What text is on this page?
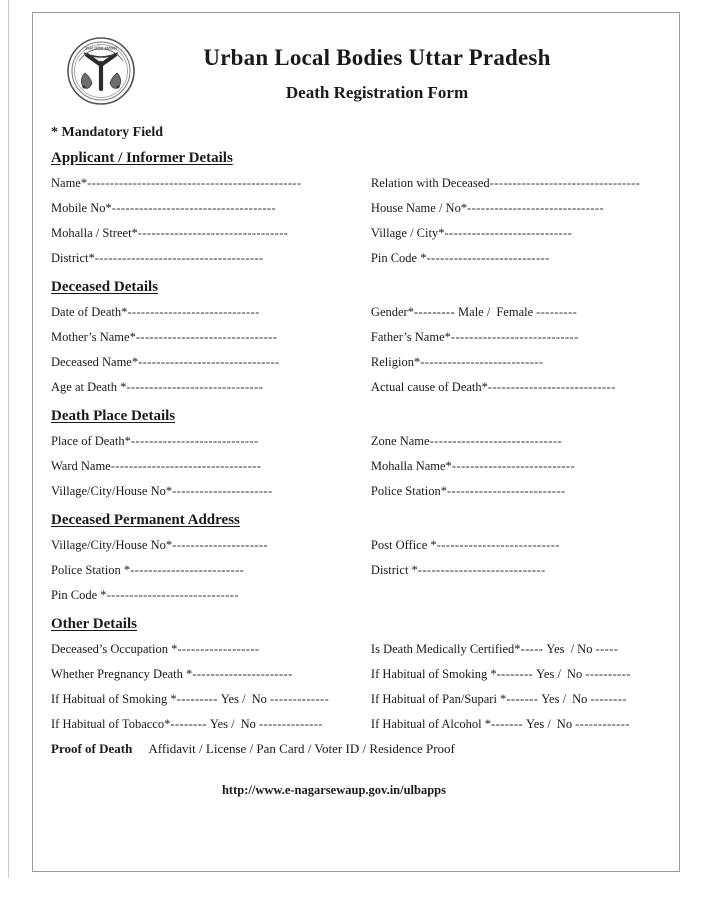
उत्तर प्रदेश सरकार	Urban Local Bodies Uttar Pradesh
Death Registration Form
* Mandatory Field
Applicant / Informer Details
Name* -----------------------------------------------	Relation with Deceased ---------------------------------
Mobile No* ------------------------------------	House Name / No* ------------------------------
Mohalla / Street* ---------------------------------	Village / City* ----------------------------
District* -------------------------------------	Pin Code * ---------------------------
Deceased Details
Date of Death* -----------------------------	Gender* --------- Male / Female ---------
Mother’s Name* -------------------------------	Father’s Name* ----------------------------
Deceased Name* -------------------------------	Religion* ---------------------------
Age at Death * ------------------------------	Actual cause of Death* ----------------------------
Death Place Details
Place of Death* ----------------------------	Zone Name -----------------------------
Ward Name ---------------------------------	Mohalla Name* ---------------------------
Village/City/House No* ----------------------	Police Station* --------------------------
Deceased Permanent Address
Village/City/House No* ---------------------	Post Office * ---------------------------
Police Station * -------------------------	District * ----------------------------
Pin Code * -----------------------------
Other Details
Deceased’s Occupation * ------------------	Is Death Medically Certified* ----- Yes / No -----
Whether Pregnancy Death * ----------------------	If Habitual of Smoking * -------- Yes / No ----------
If Habitual of Smoking * --------- Yes / No -------------	If Habitual of Pan/Supari * ------- Yes / No --------
If Habitual of Tobacco* -------- Yes / No --------------	If Habitual of Alcohol * ------- Yes / No ------------
Proof of Death Affidavit / License / Pan Card / Voter ID / Residence Proof
http://www.e-nagarsewaup.gov.in/ulbapps
